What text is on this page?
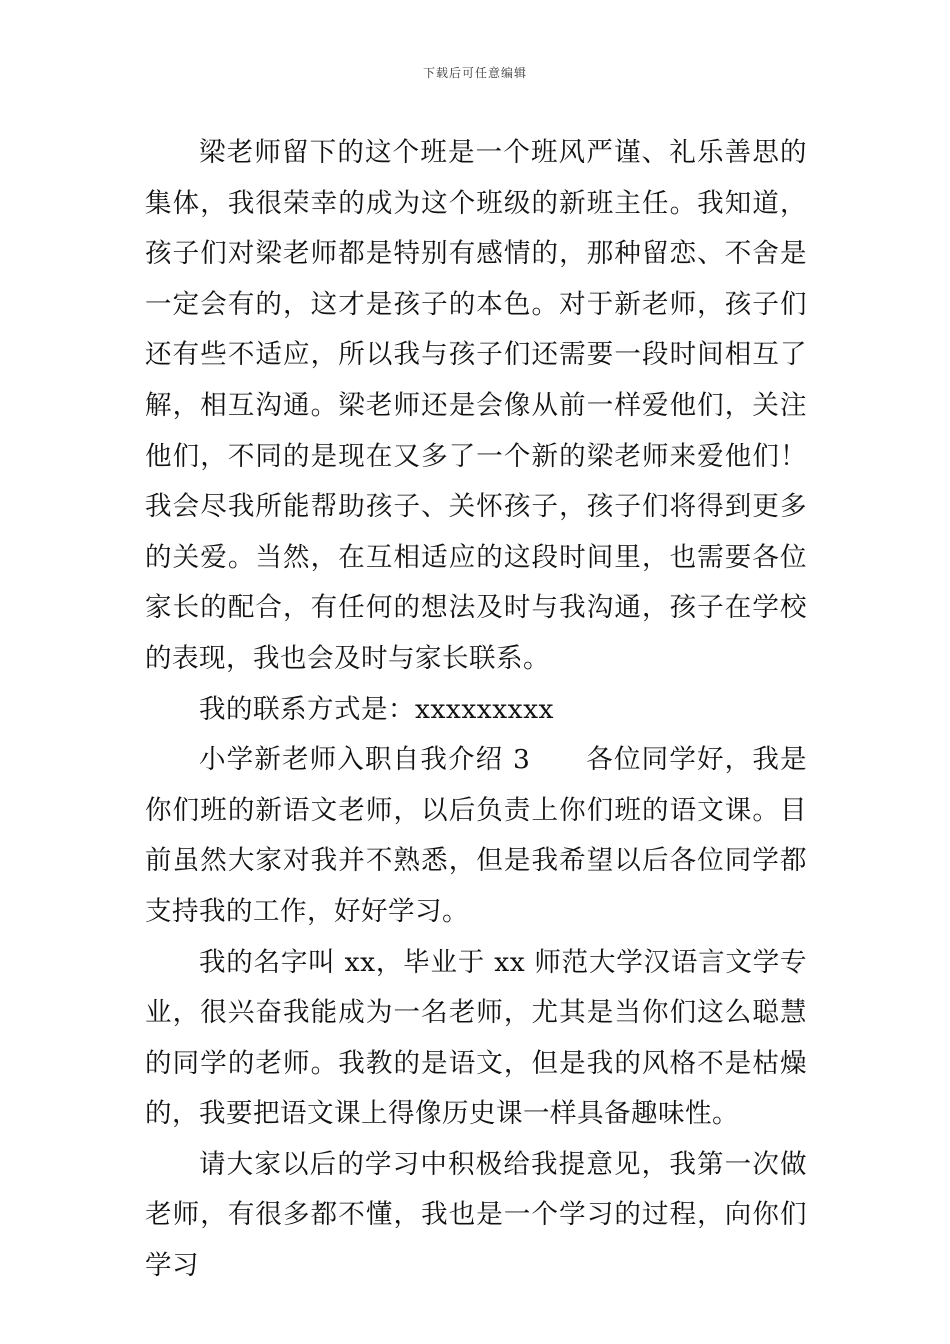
下载后可任意编辑

梁老师留下的这个班是一个班风严谨、礼乐善思的集体，我很荣幸的成为这个班级的新班主任。我知道，孩子们对梁老师都是特别有感情的，那种留恋、不舍是一定会有的，这才是孩子的本色。对于新老师，孩子们还有些不适应，所以我与孩子们还需要一段时间相互了解，相互沟通。梁老师还是会像从前一样爱他们，关注他们，不同的是现在又多了一个新的梁老师来爱他们！我会尽我所能帮助孩子、关怀孩子，孩子们将得到更多的关爱。当然，在互相适应的这段时间里，也需要各位家长的配合，有任何的想法及时与我沟通，孩子在学校的表现，我也会及时与家长联系。

我的联系方式是：xxxxxxxxx

小学新老师入职自我介绍 3　　各位同学好，我是你们班的新语文老师，以后负责上你们班的语文课。目前虽然大家对我并不熟悉，但是我希望以后各位同学都支持我的工作，好好学习。

我的名字叫 xx，毕业于 xx 师范大学汉语言文学专业，很兴奋我能成为一名老师，尤其是当你们这么聪慧的同学的老师。我教的是语文，但是我的风格不是枯燥的，我要把语文课上得像历史课一样具备趣味性。

请大家以后的学习中积极给我提意见，我第一次做老师，有很多都不懂，我也是一个学习的过程，向你们学习
